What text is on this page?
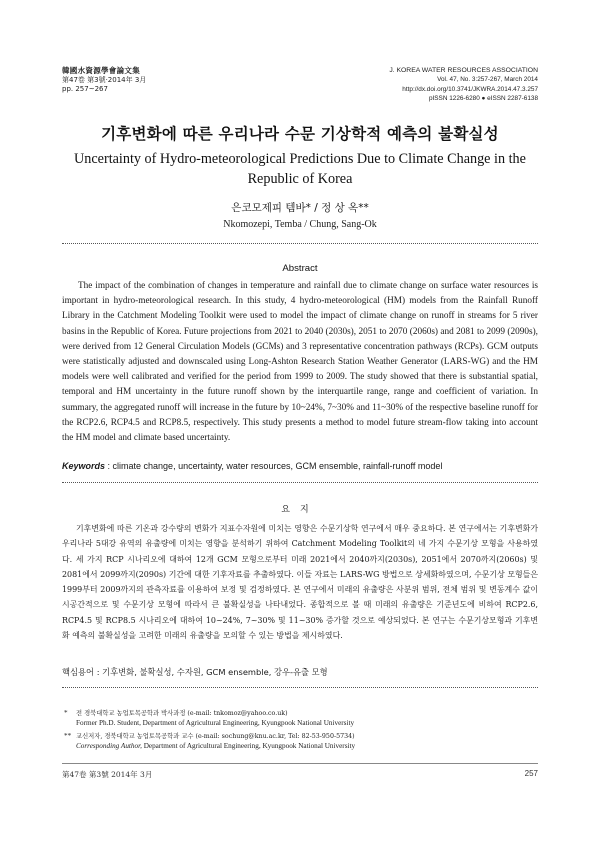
韓國水資源學會論文集
第47卷 第3號·2014年 3月
pp. 257~267
J. KOREA WATER RESOURCES ASSOCIATION
Vol. 47, No. 3:257-267, March 2014
http://dx.doi.org/10.3741/JKWRA.2014.47.3.257
pISSN 1226-6280 ● eISSN 2287-6138
기후변화에 따른 우리나라 수문 기상학적 예측의 불확실성
Uncertainty of Hydro-meteorological Predictions Due to Climate Change in the Republic of Korea
은코모제피 템바* / 정 상 옥**
Nkomozepi, Temba / Chung, Sang-Ok
Abstract

The impact of the combination of changes in temperature and rainfall due to climate change on surface water resources is important in hydro-meteorological research. In this study, 4 hydro-meteorological (HM) models from the Rainfall Runoff Library in the Catchment Modeling Toolkit were used to model the impact of climate change on runoff in streams for 5 river basins in the Republic of Korea. Future projections from 2021 to 2040 (2030s), 2051 to 2070 (2060s) and 2081 to 2099 (2090s), were derived from 12 General Circulation Models (GCMs) and 3 representative concentration pathways (RCPs). GCM outputs were statistically adjusted and downscaled using Long-Ashton Research Station Weather Generator (LARS-WG) and the HM models were well calibrated and verified for the period from 1999 to 2009. The study showed that there is substantial spatial, temporal and HM uncertainty in the future runoff shown by the interquartile range, range and coefficient of variation. In summary, the aggregated runoff will increase in the future by 10~24%, 7~30% and 11~30% of the respective baseline runoff for the RCP2.6, RCP4.5 and RCP8.5, respectively. This study presents a method to model future stream-flow taking into account the HM model and climate based uncertainty.

Keywords : climate change, uncertainty, water resources, GCM ensemble, rainfall-runoff model
요지

기후변화에 따른 기온과 강수량의 변화가 지표수자원에 미치는 영향은 수문기상학 연구에서 매우 중요하다. 본 연구에서는 기후변화가 우리나라 5대강 유역의 유출량에 미치는 영향을 분석하기 위하여 Catchment Modeling Toolkit의 네 가지 수문기상 모형을 사용하였다. 세 가지 RCP 시나리오에 대하여 12개 GCM 모형으로부터 미래 2021에서 2040까지(2030s), 2051에서 2070까지(2060s) 및 2081에서 2099까지(2090s) 기간에 대한 기후자료를 추출하였다. 이들 자료는 LARS-WG 방법으로 상세화하였으며, 수문기상 모형들은 1999부터 2009까지의 관측자료를 이용하여 보정 및 검정하였다. 본 연구에서 미래의 유출량은 사분위 범위, 전체 범위 및 변동계수 값이 시공간적으로 및 수문기상 모형에 따라서 큰 불확실성을 나타내었다. 종합적으로 볼 때 미래의 유출량은 기준년도에 비하여 RCP2.6, RCP4.5 및 RCP8.5 시나리오에 대하여 10~24%, 7~30% 및 11~30% 증가할 것으로 예상되었다. 본 연구는 수문기상모형과 기후변화 예측의 불확실성을 고려한 미래의 유출량을 모의할 수 있는 방법을 제시하였다.

핵심용어 : 기후변화, 불확실성, 수자원, GCM ensemble, 강우-유출 모형
* 전 경북대학교 농업토목공학과 박사과정 (e-mail: tnkomoz@yahoo.co.uk)
Former Ph.D. Student, Department of Agricultural Engineering, Kyungpook National University
** 교신저자, 경북대학교 농업토목공학과 교수 (e-mail: sochung@knu.ac.kr, Tel: 82-53-950-5734)
Corresponding Author, Department of Agricultural Engineering, Kyungpook National University
第47卷 第3號 2014年 3月	257
